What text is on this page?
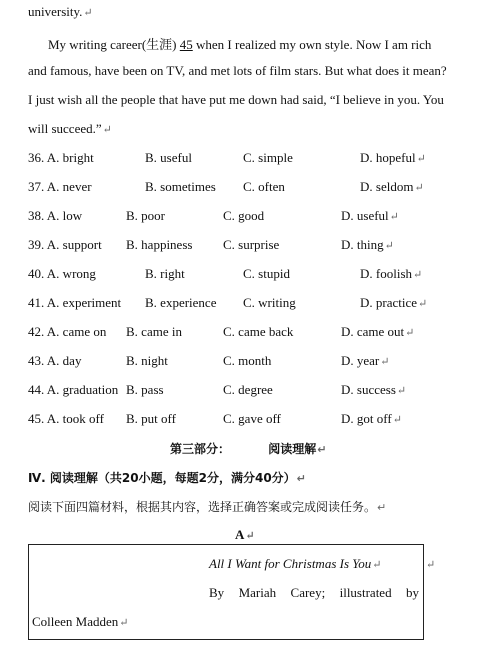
university.↵
My writing career(生涯) 45 when I realized my own style. Now I am rich
and famous, have been on TV, and met lots of film stars. But what does it mean?
I just wish all the people that have put me down had said, “I believe in you. You
will succeed.”↵
36. A. bright	B. useful	C. simple	D. hopeful↵
37. A. never	B. sometimes C. often	D. seldom↵
38. A. low	B. poor	C. good	D. useful↵
39. A. support B. happiness C. surprise	D. thing↵
40. A. wrong	B. right	C. stupid	D. foolish↵
41. A. experiment B. experience C. writing	D. practice↵
42. A. came on B. came in	C. came back	D. came out↵
43. A. day	B. night	C. month	D. year↵
44. A. graduation B. pass	C. degree	D. success↵
45. A. took off B. put off	C. gave off	D. got off↵
第三部分：	阅读理解↵
Ⅳ. 阅读理解（共20小题，每题2分，满分40分）↵
阅读下面四篇材料，根据其内容，选择正确答案或完成阅读任务。↵
A↵
All I Want for Christmas Is You↵	↵
By Mariah Carey; illustrated by
Colleen Madden↵
